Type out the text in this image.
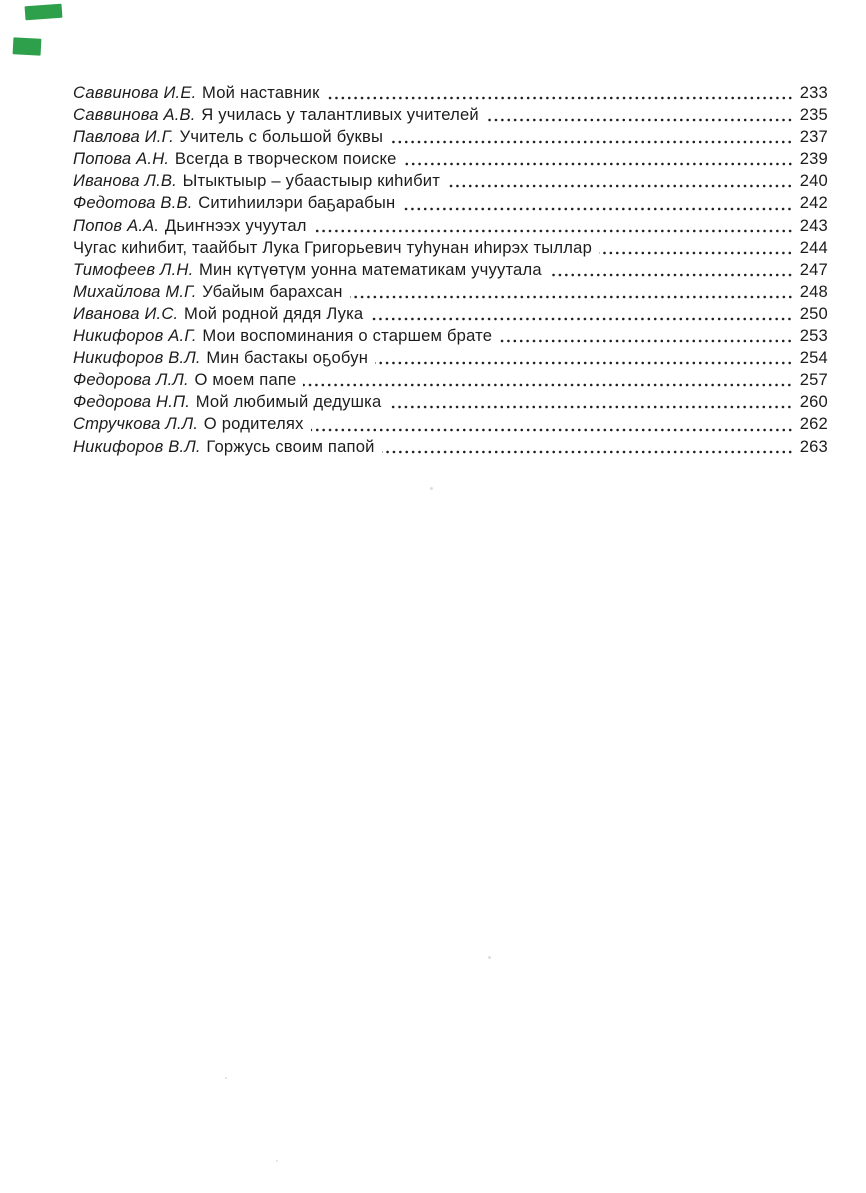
Саввинова И.Е. Мой наставник	233
Саввинова А.В. Я училась у талантливых учителей	235
Павлова И.Г. Учитель с большой буквы	237
Попова А.Н. Всегда в творческом поиске	239
Иванова Л.В. Ытыктыыр – убаастыыр киһибит	240
Федотова В.В. Ситиһиилэри баҕарабын	242
Попов А.А. Дьиҥнээх учуутал	243
Чугас киһибит, таайбыт Лука Григорьевич туһунан иһирэх тыллар	244
Тимофеев Л.Н. Мин күтүөтүм уонна математикам учуутала	247
Михайлова М.Г. Убайым барахсан	248
Иванова И.С. Мой родной дядя Лука	250
Никифоров А.Г. Мои воспоминания о старшем брате	253
Никифоров В.Л. Мин бастакы оҕобун	254
Федорова Л.Л. О моем папе	257
Федорова Н.П. Мой любимый дедушка	260
Стручкова Л.Л. О родителях	262
Никифоров В.Л. Горжусь своим папой	263
